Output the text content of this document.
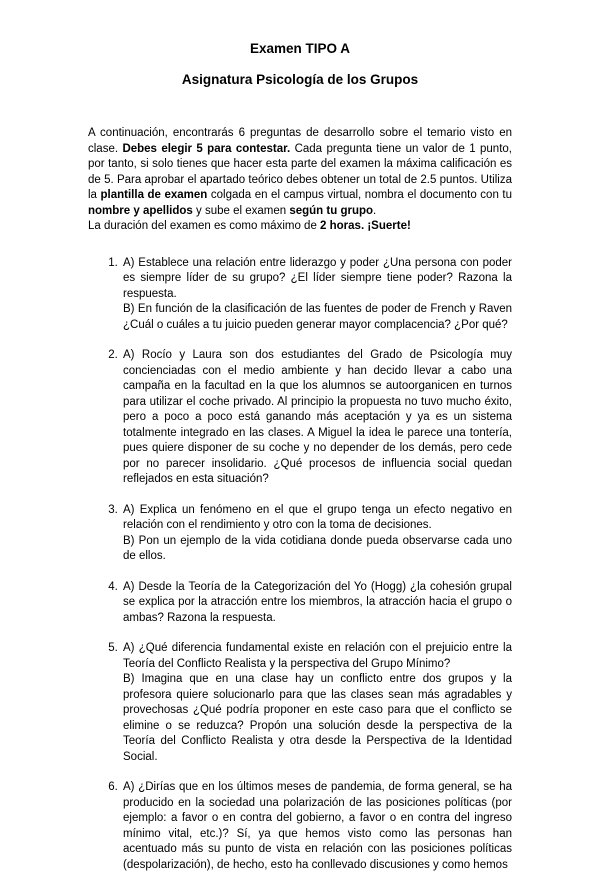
Examen TIPO A
Asignatura Psicología de los Grupos

A continuación, encontrarás 6 preguntas de desarrollo sobre el temario visto en clase. Debes elegir 5 para contestar. Cada pregunta tiene un valor de 1 punto, por tanto, si solo tienes que hacer esta parte del examen la máxima calificación es de 5. Para aprobar el apartado teórico debes obtener un total de 2.5 puntos. Utiliza la plantilla de examen colgada en el campus virtual, nombra el documento con tu nombre y apellidos y sube el examen según tu grupo.

La duración del examen es como máximo de 2 horas. ¡Suerte!

1. A) Establece una relación entre liderazgo y poder ¿Una persona con poder es siempre líder de su grupo? ¿El líder siempre tiene poder? Razona la respuesta.

B) En función de la clasificación de las fuentes de poder de French y Raven ¿Cuál o cuáles a tu juicio pueden generar mayor complacencia? ¿Por qué?

2. A) Rocío y Laura son dos estudiantes del Grado de Psicología muy concienciadas con el medio ambiente y han decido llevar a cabo una campaña en la facultad en la que los alumnos se autoorganicen en turnos para utilizar el coche privado. Al principio la propuesta no tuvo mucho éxito, pero a poco a poco está ganando más aceptación y ya es un sistema totalmente integrado en las clases. A Miguel la idea le parece una tontería, pues quiere disponer de su coche y no depender de los demás, pero cede por no parecer insolidario. ¿Qué procesos de influencia social quedan reflejados en esta situación?

3. A) Explica un fenómeno en el que el grupo tenga un efecto negativo en relación con el rendimiento y otro con la toma de decisiones.

B) Pon un ejemplo de la vida cotidiana donde pueda observarse cada uno de ellos.

4. A) Desde la Teoría de la Categorización del Yo (Hogg) ¿la cohesión grupal se explica por la atracción entre los miembros, la atracción hacia el grupo o ambas? Razona la respuesta.

5. A) ¿Qué diferencia fundamental existe en relación con el prejuicio entre la Teoría del Conflicto Realista y la perspectiva del Grupo Mínimo?

B) Imagina que en una clase hay un conflicto entre dos grupos y la profesora quiere solucionarlo para que las clases sean más agradables y provechosas ¿Qué podría proponer en este caso para que el conflicto se elimine o se reduzca? Propón una solución desde la perspectiva de la Teoría del Conflicto Realista y otra desde la Perspectiva de la Identidad Social.

6. A) ¿Dirías que en los últimos meses de pandemia, de forma general, se ha producido en la sociedad una polarización de las posiciones políticas (por ejemplo: a favor o en contra del gobierno, a favor o en contra del ingreso mínimo vital, etc.)? Sí, ya que hemos visto como las personas han acentuado más su punto de vista en relación con las posiciones políticas (despolarización), de hecho, esto ha conllevado discusiones y como hemos
